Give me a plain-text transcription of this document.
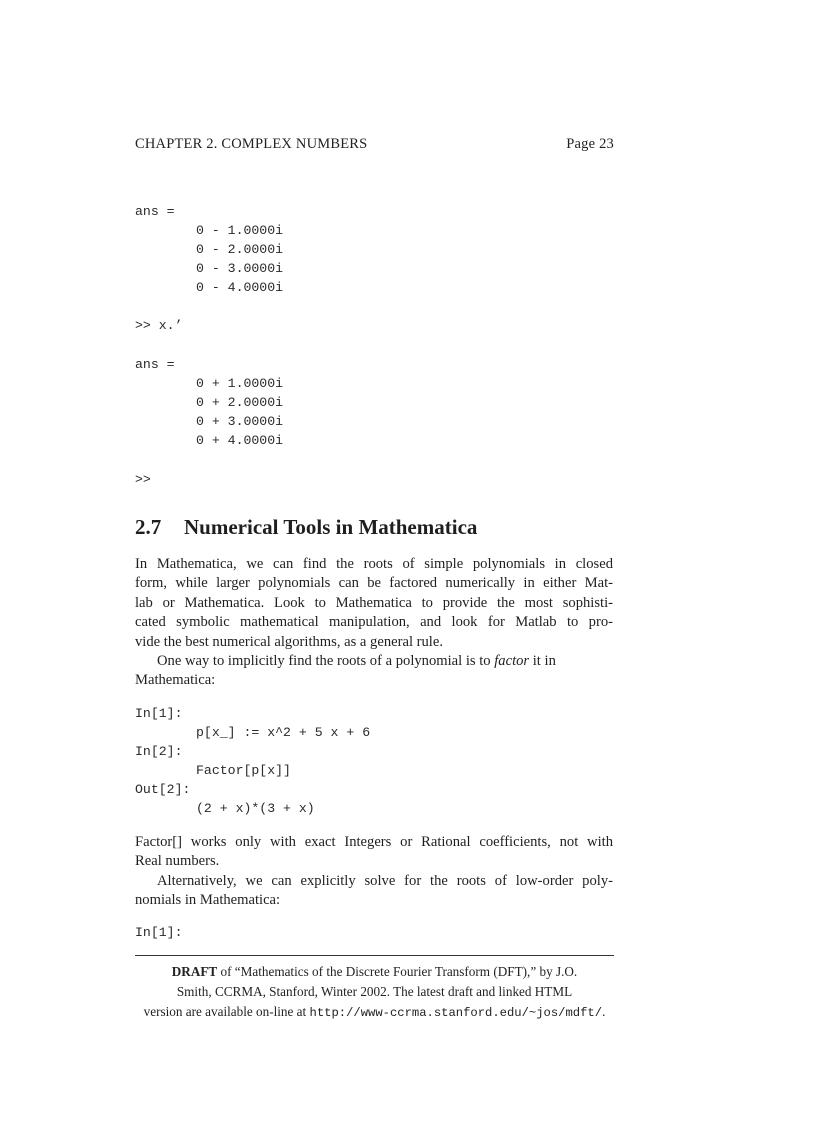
CHAPTER 2. COMPLEX NUMBERS	Page 23
ans =
0 - 1.0000i
0 - 2.0000i
0 - 3.0000i
0 - 4.0000i
>> x.’
ans =
0 + 1.0000i
0 + 2.0000i
0 + 3.0000i
0 + 4.0000i
>>
2.7 Numerical Tools in Mathematica
In Mathematica, we can find the roots of simple polynomials in closed
form, while larger polynomials can be factored numerically in either Mat-
lab or Mathematica. Look to Mathematica to provide the most sophisti-
cated symbolic mathematical manipulation, and look for Matlab to pro-
vide the best numerical algorithms, as a general rule.
One way to implicitly find the roots of a polynomial is to factor it in
Mathematica:
In[1]:
p[x_] := x^2 + 5 x + 6
In[2]:
Factor[p[x]]
Out[2]:
(2 + x)*(3 + x)
Factor[] works only with exact Integers or Rational coefficients, not with
Real numbers.
Alternatively, we can explicitly solve for the roots of low-order poly-
nomials in Mathematica:
In[1]:
DRAFT of “Mathematics of the Discrete Fourier Transform (DFT),” by J.O.
Smith, CCRMA, Stanford, Winter 2002. The latest draft and linked HTML
version are available on-line at http://www-ccrma.stanford.edu/~jos/mdft/.
